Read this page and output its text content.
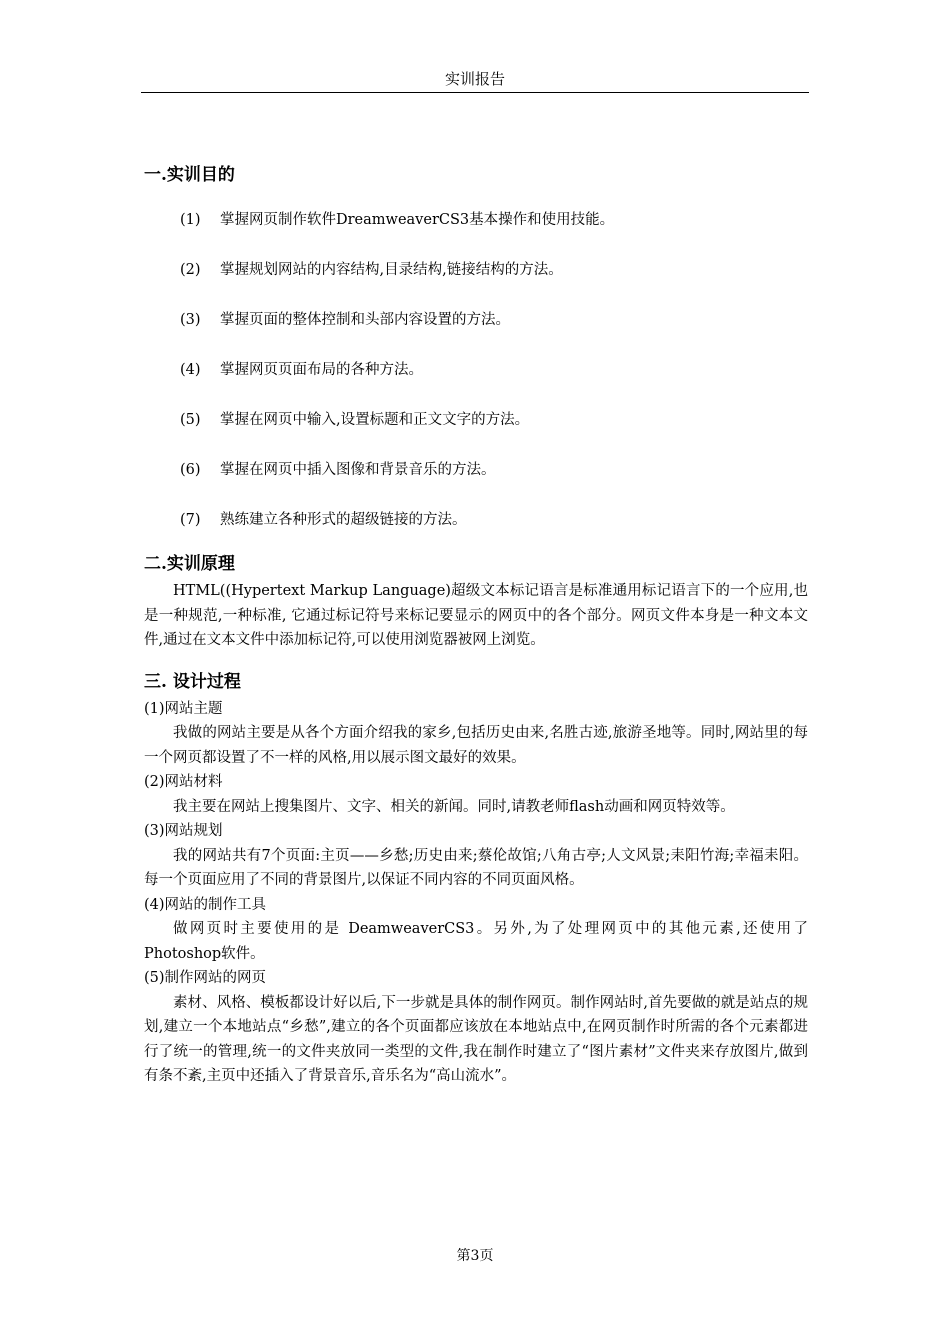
实训报告
一.实训目的
(1)	掌握网页制作软件DreamweaverCS3基本操作和使用技能。
(2)	掌握规划网站的内容结构,目录结构,链接结构的方法。
(3)	掌握页面的整体控制和头部内容设置的方法。
(4)	掌握网页页面布局的各种方法。
(5)	掌握在网页中输入,设置标题和正文文字的方法。
(6)	掌握在网页中插入图像和背景音乐的方法。
(7)	熟练建立各种形式的超级链接的方法。
二.实训原理

HTML((Hypertext Markup Language)超级文本标记语言是标准通用标记语言下的一个应用,也是一种规范,一种标准, 它通过标记符号来标记要显示的网页中的各个部分。网页文件本身是一种文本文件,通过在文本文件中添加标记符,可以使用浏览器被网上浏览。

三. 设计过程

(1)网站主题

我做的网站主要是从各个方面介绍我的家乡,包括历史由来,名胜古迹,旅游圣地等。同时,网站里的每一个网页都设置了不一样的风格,用以展示图文最好的效果。

(2)网站材料

我主要在网站上搜集图片、文字、相关的新闻。同时,请教老师flash动画和网页特效等。

(3)网站规划

我的网站共有7个页面:主页——乡愁;历史由来;蔡伦故馆;八角古亭;人文风景;耒阳竹海;幸福耒阳。每一个页面应用了不同的背景图片,以保证不同内容的不同页面风格。

(4)网站的制作工具

做网页时主要使用的是 DeamweaverCS3。另外,为了处理网页中的其他元素,还使用了Photoshop软件。

(5)制作网站的网页

素材、风格、模板都设计好以后,下一步就是具体的制作网页。制作网站时,首先要做的就是站点的规划,建立一个本地站点“乡愁”,建立的各个页面都应该放在本地站点中,在网页制作时所需的各个元素都进行了统一的管理,统一的文件夹放同一类型的文件,我在制作时建立了“图片素材”文件夹来存放图片,做到有条不紊,主页中还插入了背景音乐,音乐名为“高山流水”。

第3页
